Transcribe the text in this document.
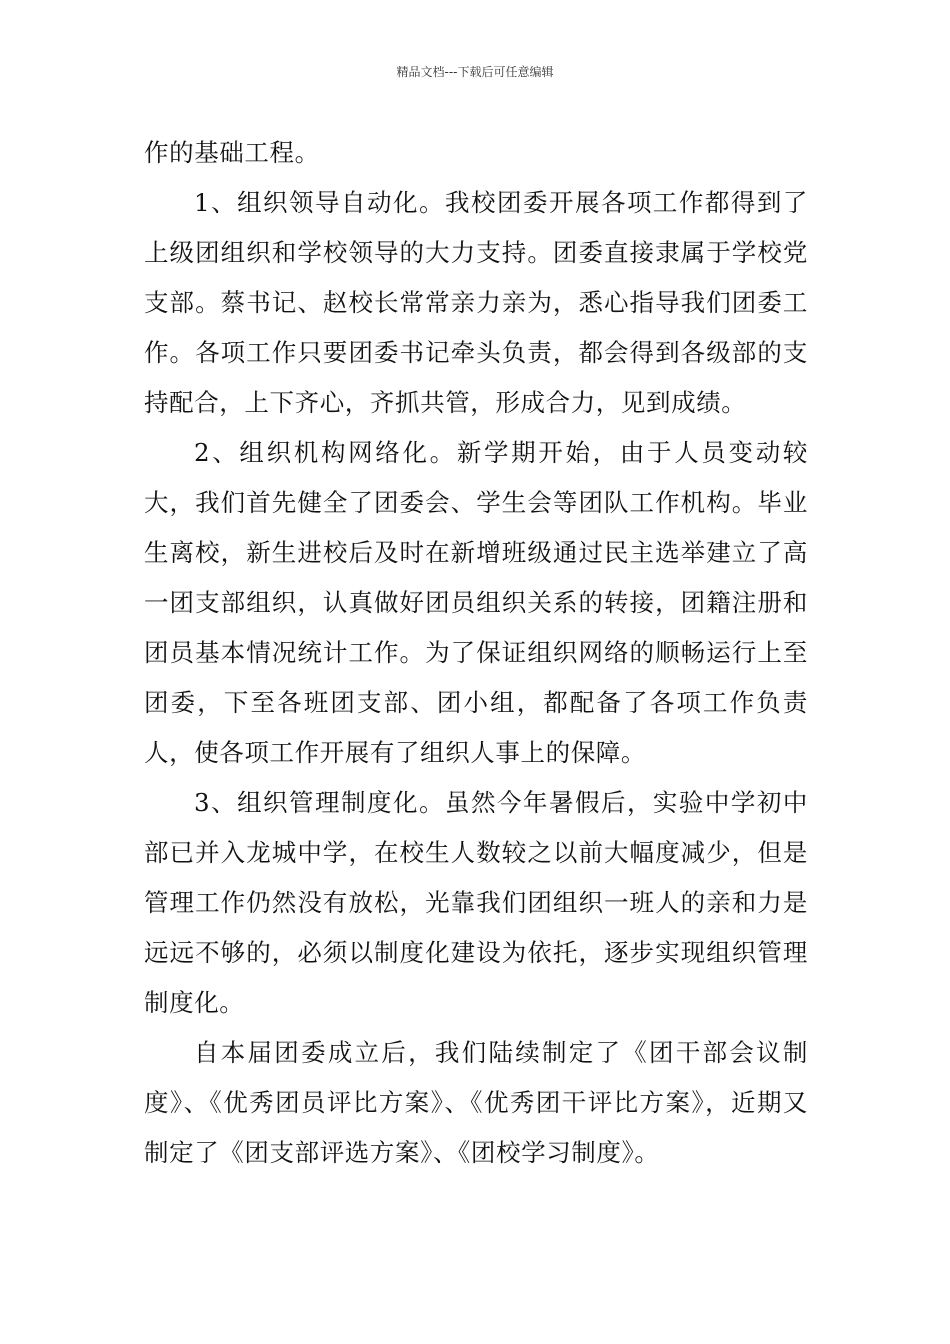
精品文档---下载后可任意编辑

作的基础工程。

1、组织领导自动化。我校团委开展各项工作都得到了上级团组织和学校领导的大力支持。团委直接隶属于学校党支部。蔡书记、赵校长常常亲力亲为，悉心指导我们团委工作。各项工作只要团委书记牵头负责，都会得到各级部的支持配合，上下齐心，齐抓共管，形成合力，见到成绩。

2、组织机构网络化。新学期开始，由于人员变动较大，我们首先健全了团委会、学生会等团队工作机构。毕业生离校，新生进校后及时在新增班级通过民主选举建立了高一团支部组织，认真做好团员组织关系的转接，团籍注册和团员基本情况统计工作。为了保证组织网络的顺畅运行上至团委，下至各班团支部、团小组，都配备了各项工作负责人，使各项工作开展有了组织人事上的保障。

3、组织管理制度化。虽然今年暑假后，实验中学初中部已并入龙城中学，在校生人数较之以前大幅度减少，但是管理工作仍然没有放松，光靠我们团组织一班人的亲和力是远远不够的，必须以制度化建设为依托，逐步实现组织管理制度化。

自本届团委成立后，我们陆续制定了《团干部会议制度》、《优秀团员评比方案》、《优秀团干评比方案》，近期又制定了《团支部评选方案》、《团校学习制度》。
